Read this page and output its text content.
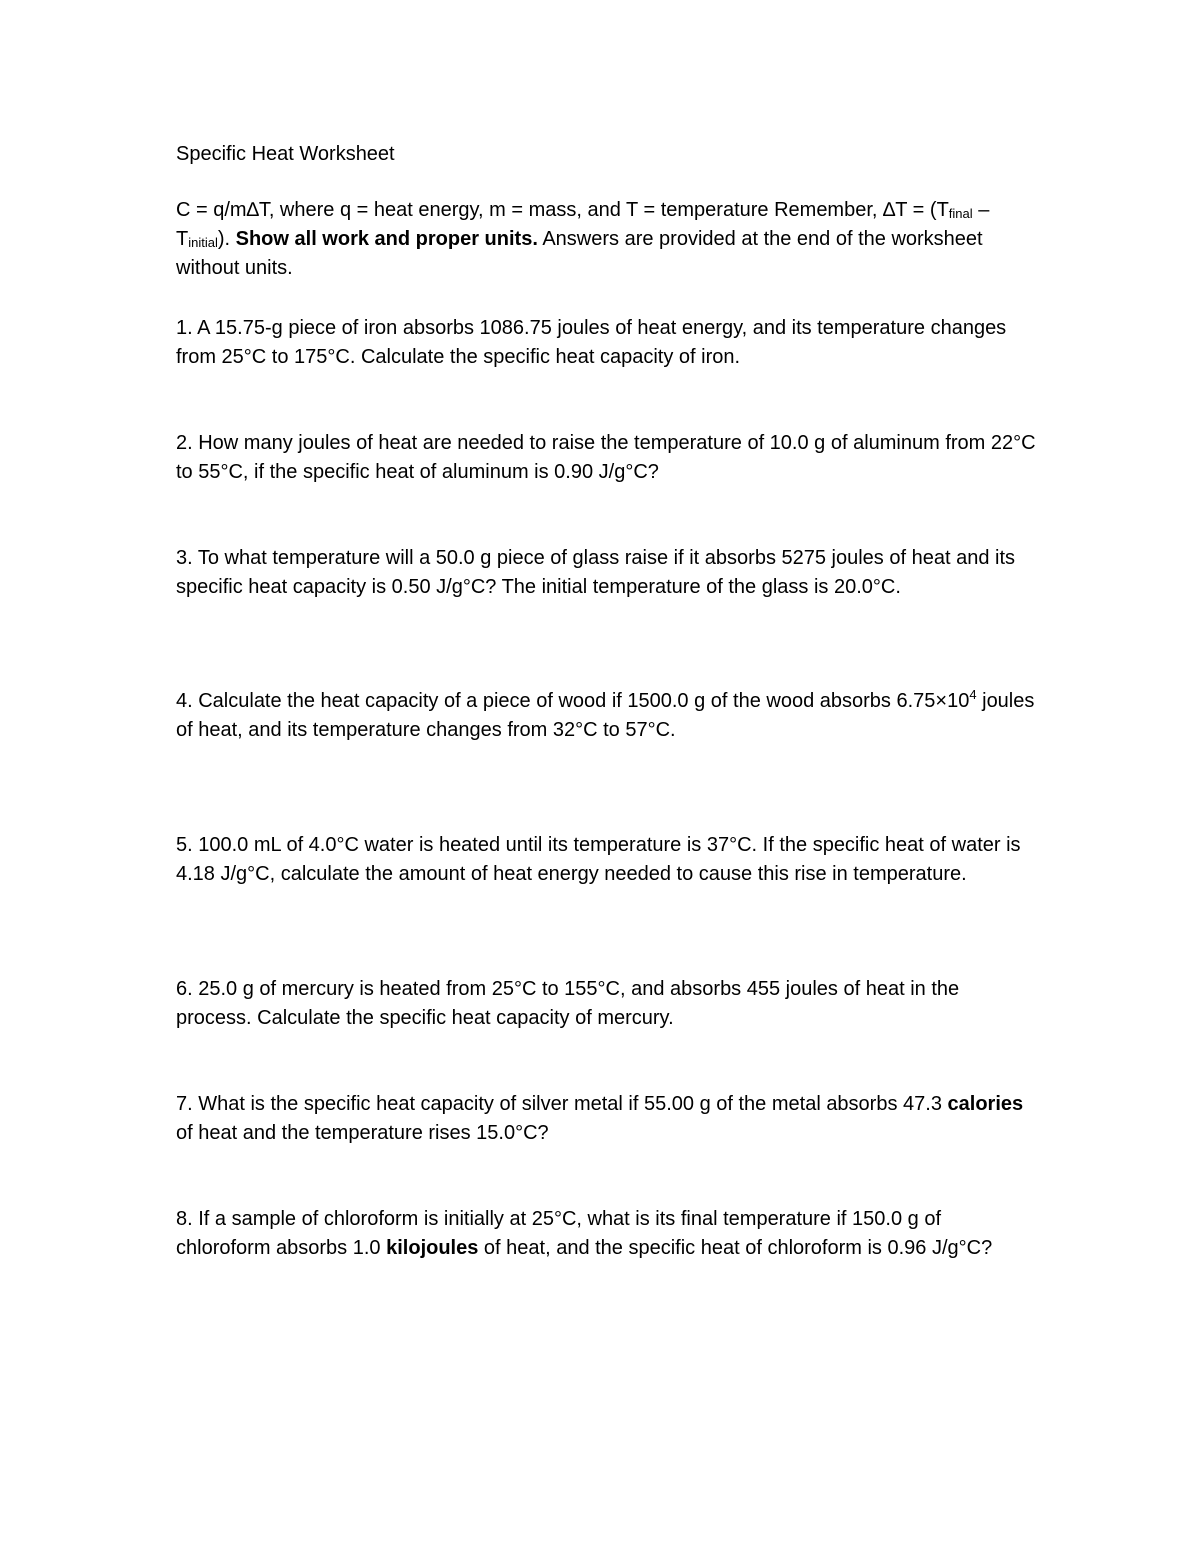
Specific Heat Worksheet

C = q/m∆T, where q = heat energy, m = mass, and T = temperature Remember, $\Delta T = (T_{final} - T_{initial})$. Show all work and proper units. Answers are provided at the end of the worksheet without units.

1. A 15.75-g piece of iron absorbs 1086.75 joules of heat energy, and its temperature changes from 25°C to 175°C. Calculate the specific heat capacity of iron.

2. How many joules of heat are needed to raise the temperature of 10.0 g of aluminum from 22°C to 55°C, if the specific heat of aluminum is 0.90 J/g°C?

3. To what temperature will a 50.0 g piece of glass raise if it absorbs 5275 joules of heat and its specific heat capacity is 0.50 J/g°C? The initial temperature of the glass is 20.0°C.

4. Calculate the heat capacity of a piece of wood if 1500.0 g of the wood absorbs $6.75\times 10^4$ joules of heat, and its temperature changes from 32°C to 57°C.

5. 100.0 mL of 4.0°C water is heated until its temperature is 37°C. If the specific heat of water is 4.18 J/g°C, calculate the amount of heat energy needed to cause this rise in temperature.

6. 25.0 g of mercury is heated from 25°C to 155°C, and absorbs 455 joules of heat in the process. Calculate the specific heat capacity of mercury.

7. What is the specific heat capacity of silver metal if 55.00 g of the metal absorbs 47.3 calories of heat and the temperature rises 15.0°C?

8. If a sample of chloroform is initially at 25°C, what is its final temperature if 150.0 g of chloroform absorbs 1.0 kilojoules of heat, and the specific heat of chloroform is 0.96 J/g°C?
